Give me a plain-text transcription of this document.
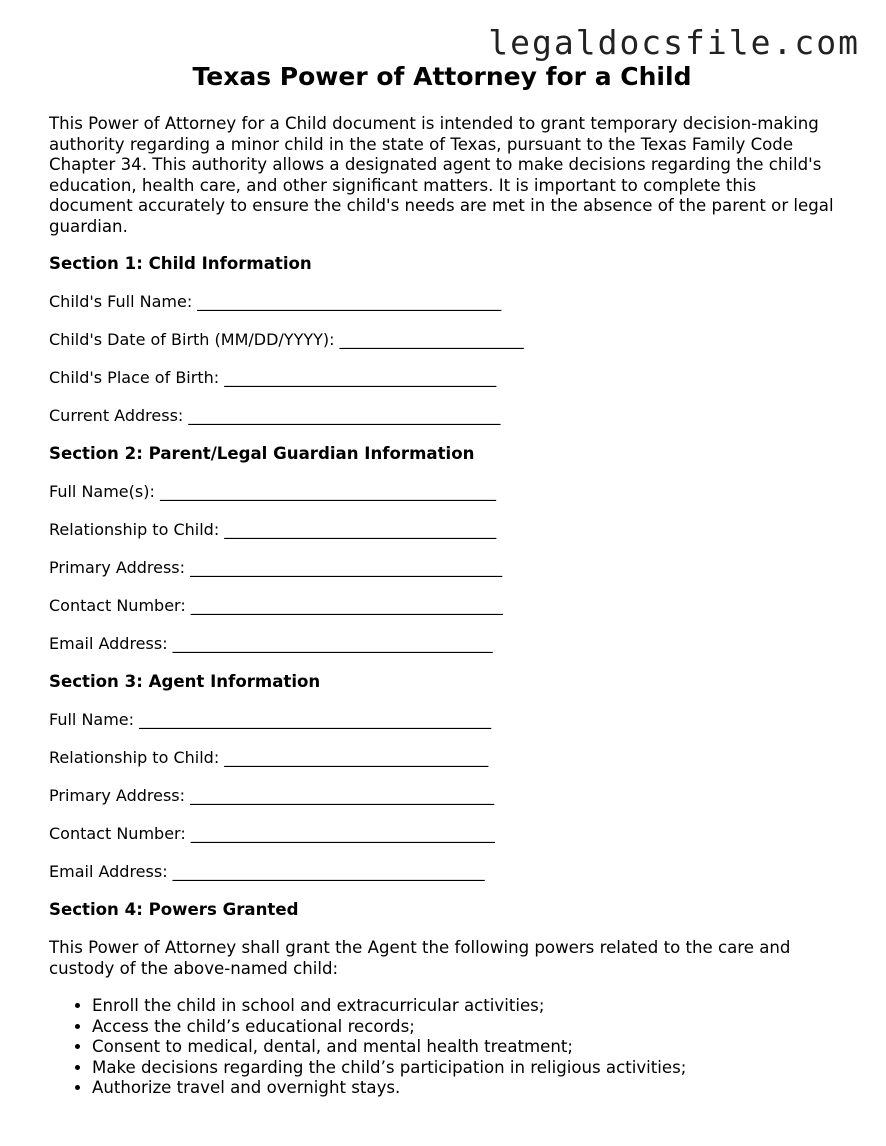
legaldocsfile.com
Texas Power of Attorney for a Child

This Power of Attorney for a Child document is intended to grant temporary decision-making authority regarding a minor child in the state of Texas, pursuant to the Texas Family Code Chapter 34. This authority allows a designated agent to make decisions regarding the child's education, health care, and other significant matters. It is important to complete this document accurately to ensure the child's needs are met in the absence of the parent or legal guardian.

Section 1: Child Information
Child's Full Name: ______________________________________
Child's Date of Birth (MM/DD/YYYY): _______________________
Child's Place of Birth: __________________________________
Current Address: _______________________________________
Section 2: Parent/Legal Guardian Information
Full Name(s): __________________________________________
Relationship to Child: __________________________________
Primary Address: _______________________________________
Contact Number: _______________________________________
Email Address: ________________________________________
Section 3: Agent Information
Full Name: ____________________________________________
Relationship to Child: _________________________________
Primary Address: ______________________________________
Contact Number: ______________________________________
Email Address: _______________________________________
Section 4: Powers Granted

This Power of Attorney shall grant the Agent the following powers related to the care and custody of the above-named child:

• Enroll the child in school and extracurricular activities;
• Access the child’s educational records;
• Consent to medical, dental, and mental health treatment;
• Make decisions regarding the child’s participation in religious activities;
• Authorize travel and overnight stays.
